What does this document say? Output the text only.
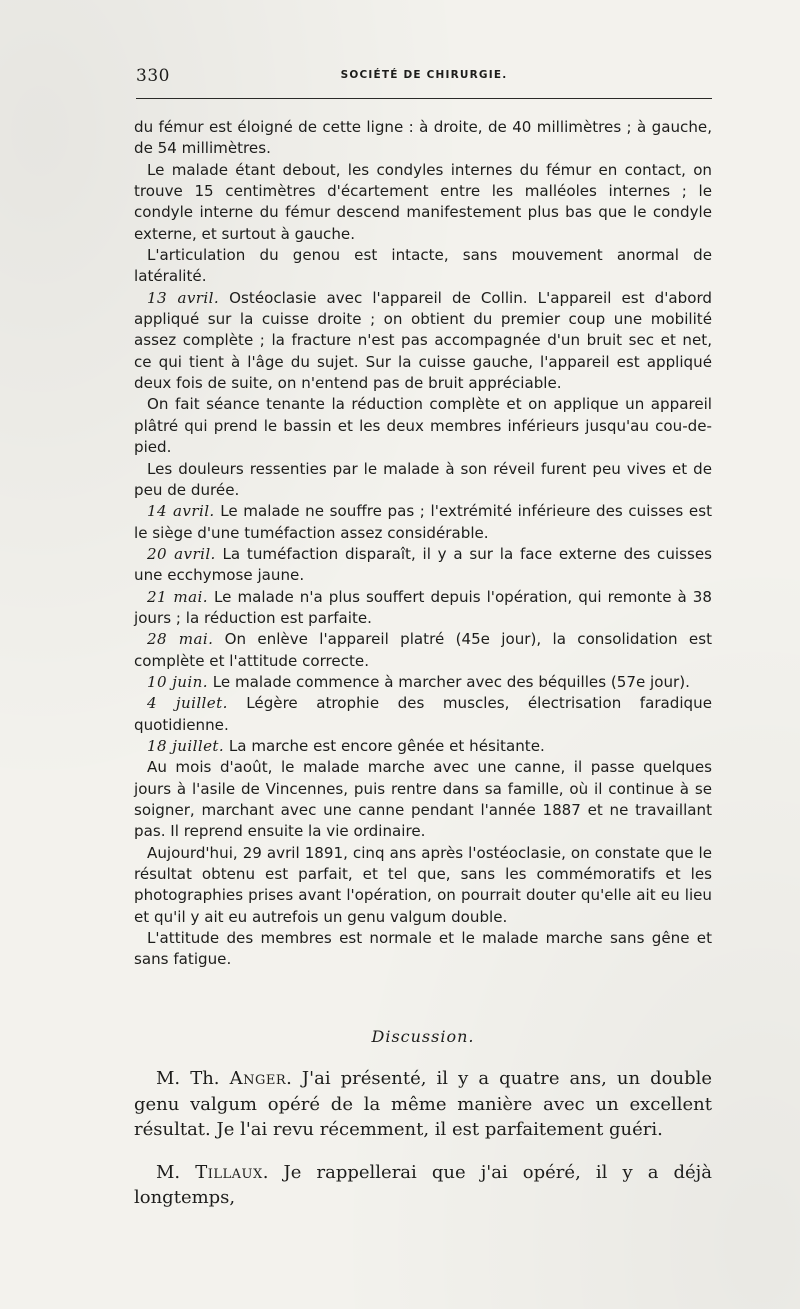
330	SOCIÉTÉ DE CHIRURGIE.

du fémur est éloigné de cette ligne : à droite, de 40 millimètres ; à gauche, de 54 millimètres.

Le malade étant debout, les condyles internes du fémur en contact, on trouve 15 centimètres d'écartement entre les malléoles internes ; le condyle interne du fémur descend manifestement plus bas que le condyle externe, et surtout à gauche.

L'articulation du genou est intacte, sans mouvement anormal de latéralité.

13 avril. Ostéoclasie avec l'appareil de Collin. L'appareil est d'abord appliqué sur la cuisse droite ; on obtient du premier coup une mobilité assez complète ; la fracture n'est pas accompagnée d'un bruit sec et net, ce qui tient à l'âge du sujet. Sur la cuisse gauche, l'appareil est appliqué deux fois de suite, on n'entend pas de bruit appréciable.

On fait séance tenante la réduction complète et on applique un appareil plâtré qui prend le bassin et les deux membres inférieurs jusqu'au cou-de-pied.

Les douleurs ressenties par le malade à son réveil furent peu vives et de peu de durée.

14 avril. Le malade ne souffre pas ; l'extrémité inférieure des cuisses est le siège d'une tuméfaction assez considérable.

20 avril. La tuméfaction disparaît, il y a sur la face externe des cuisses une ecchymose jaune.

21 mai. Le malade n'a plus souffert depuis l'opération, qui remonte à 38 jours ; la réduction est parfaite.

28 mai. On enlève l'appareil platré (45e jour), la consolidation est complète et l'attitude correcte.

10 juin. Le malade commence à marcher avec des béquilles (57e jour).

4 juillet. Légère atrophie des muscles, électrisation faradique quotidienne.

18 juillet. La marche est encore gênée et hésitante.

Au mois d'août, le malade marche avec une canne, il passe quelques jours à l'asile de Vincennes, puis rentre dans sa famille, où il continue à se soigner, marchant avec une canne pendant l'année 1887 et ne travaillant pas. Il reprend ensuite la vie ordinaire.

Aujourd'hui, 29 avril 1891, cinq ans après l'ostéoclasie, on constate que le résultat obtenu est parfait, et tel que, sans les commémoratifs et les photographies prises avant l'opération, on pourrait douter qu'elle ait eu lieu et qu'il y ait eu autrefois un genu valgum double.

L'attitude des membres est normale et le malade marche sans gêne et sans fatigue.

Discussion.

M. Th. Anger. J'ai présenté, il y a quatre ans, un double genu valgum opéré de la même manière avec un excellent résultat. Je l'ai revu récemment, il est parfaitement guéri.

M. Tillaux. Je rappellerai que j'ai opéré, il y a déjà longtemps,
